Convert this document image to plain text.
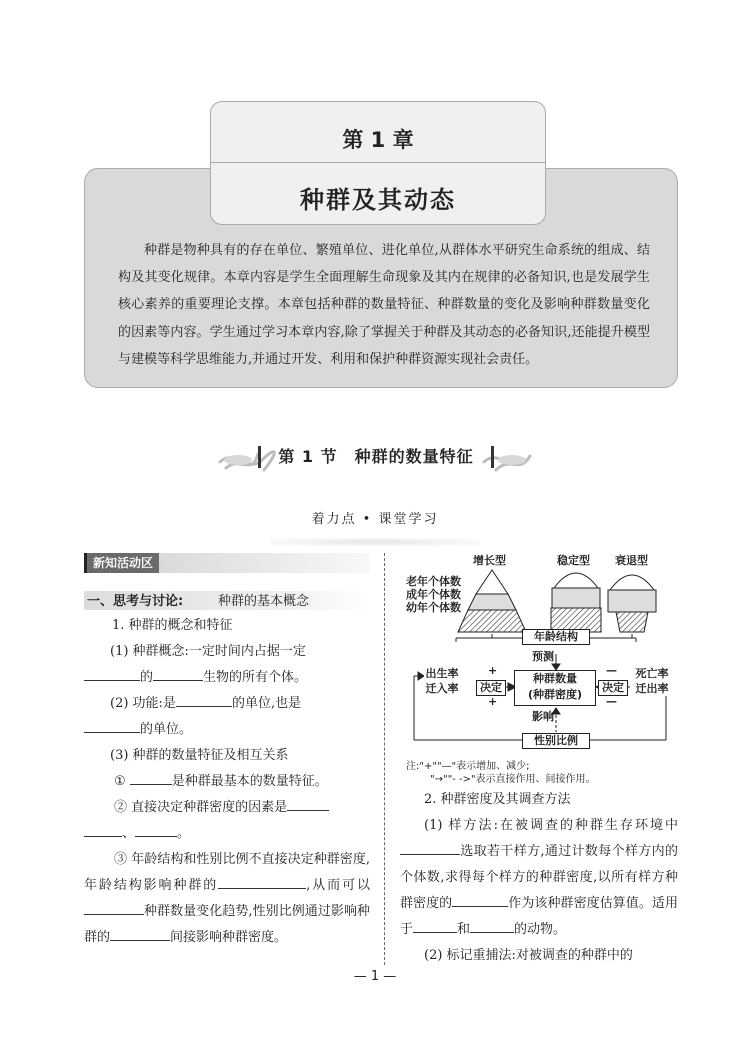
第 1 章
种群及其动态

种群是物种具有的存在单位、繁殖单位、进化单位,从群体水平研究生命系统的组成、结构及其变化规律。本章内容是学生全面理解生命现象及其内在规律的必备知识,也是发展学生核心素养的重要理论支撑。本章包括种群的数量特征、种群数量的变化及影响种群数量变化的因素等内容。学生通过学习本章内容,除了掌握关于种群及其动态的必备知识,还能提升模型与建模等科学思维能力,并通过开发、利用和保护种群资源实现社会责任。

第 1 节　种群的数量特征
着力点 • 课堂学习
新知活动区
一、思考与讨论:	种群的基本概念

1. 种群的概念和特征

(1) 种群概念:一定时间内占据一定

的	生物的所有个体。

(2) 功能:是	的单位,也是

的单位。

(3) 种群的数量特征及相互关系

①	是种群最基本的数量特征。

② 直接决定种群密度的因素是

、	。

③ 年龄结构和性别比例不直接决定种群密度,年龄结构影响种群的	,从而可以种群数量变化趋势,性别比例通过影响种群的	间接影响种群密度。

增长型	稳定型 衰退型
老年个体数
成年个体数
幼年个体数
年龄结构
预测
种群数量
(种群密度)
出生率
迁入率
死亡率
迁出率
决定	决定
+
+
—
—
影响
性别比例
注:"+""—"表示增加、减少;
"→""- ->"表示直接作用、间接作用。

2. 种群密度及其调查方法

(1) 样方法:在被调查的种群生存环境中选取若干样方,通过计数每个样方内的个体数,求得每个样方的种群密度,以所有样方种群密度的	作为该种群密度估算值。适用于	和	的动物。

(2) 标记重捕法:对被调查的种群中的

— 1 —
